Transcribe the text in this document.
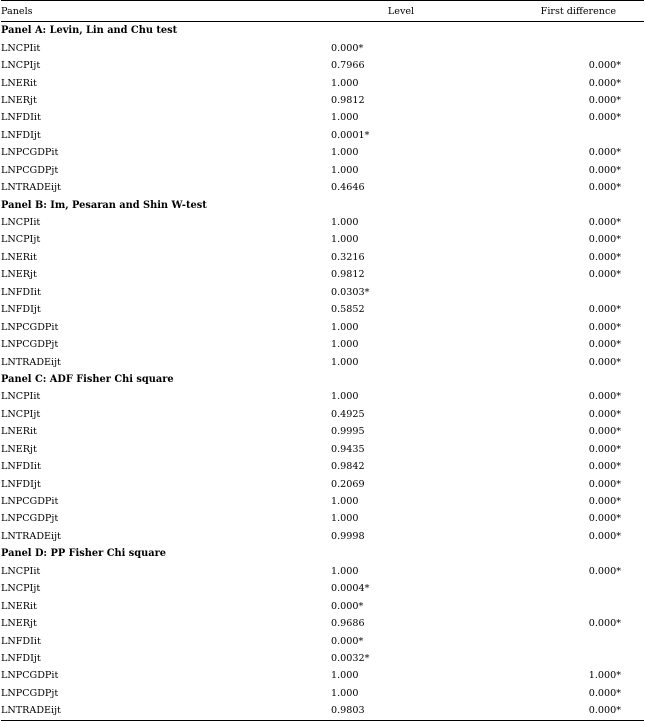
Panels	Level	First difference
Panel A: Levin, Lin and Chu test		
LNCPIit	0.000*	
LNCPIjt	0.7966	0.000*
LNERit	1.000	0.000*
LNERjt	0.9812	0.000*
LNFDIit	1.000	0.000*
LNFDIjt	0.0001*	
LNPCGDPit	1.000	0.000*
LNPCGDPjt	1.000	0.000*
LNTRADEijt	0.4646	0.000*
Panel B: Im, Pesaran and Shin W-test		
LNCPIit	1.000	0.000*
LNCPIjt	1.000	0.000*
LNERit	0.3216	0.000*
LNERjt	0.9812	0.000*
LNFDIit	0.0303*	
LNFDIjt	0.5852	0.000*
LNPCGDPit	1.000	0.000*
LNPCGDPjt	1.000	0.000*
LNTRADEijt	1.000	0.000*
Panel C: ADF Fisher Chi square		
LNCPIit	1.000	0.000*
LNCPIjt	0.4925	0.000*
LNERit	0.9995	0.000*
LNERjt	0.9435	0.000*
LNFDIit	0.9842	0.000*
LNFDIjt	0.2069	0.000*
LNPCGDPit	1.000	0.000*
LNPCGDPjt	1.000	0.000*
LNTRADEijt	0.9998	0.000*
Panel D: PP Fisher Chi square		
LNCPIit	1.000	0.000*
LNCPIjt	0.0004*	
LNERit	0.000*	
LNERjt	0.9686	0.000*
LNFDIit	0.000*	
LNFDIjt	0.0032*	
LNPCGDPit	1.000	1.000*
LNPCGDPjt	1.000	0.000*
LNTRADEijt	0.9803	0.000*
